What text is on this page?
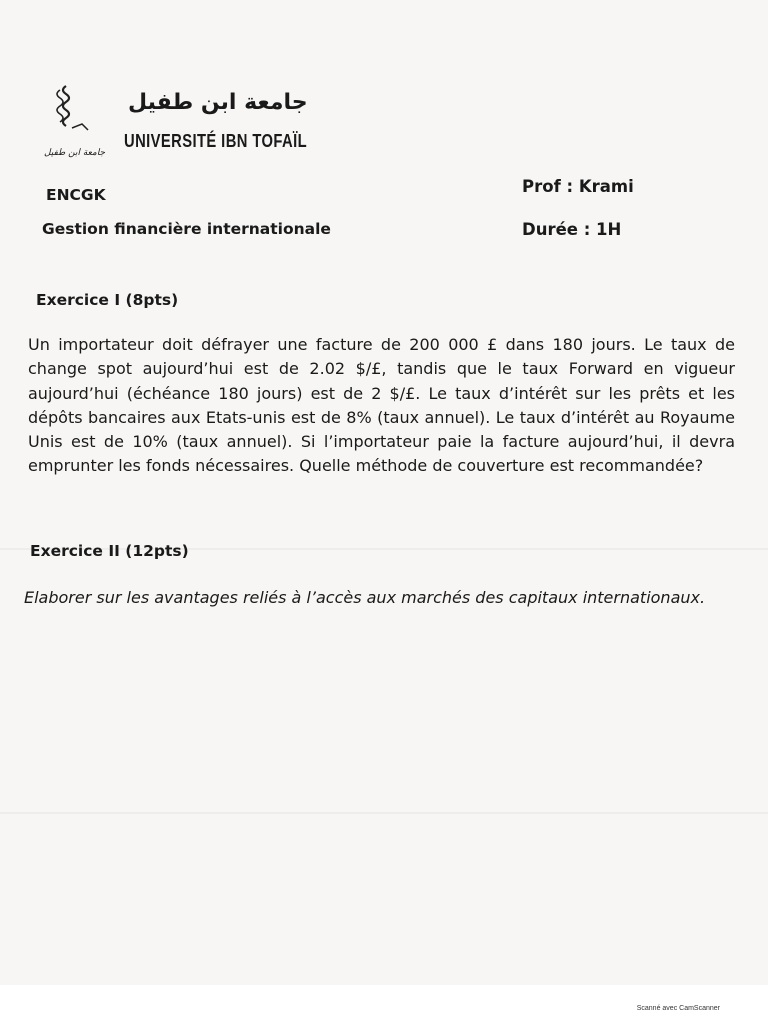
جامعة ابن طفيل
جامعة ابن طفيل
UNIVERSITÉ IBN TOFAÏL
ENCGK
Gestion financière internationale
Prof : Krami
Durée : 1H
Exercice I (8pts)
Un importateur doit défrayer une facture de 200 000 £ dans 180 jours. Le taux de change spot aujourd’hui est de 2.02 $/£, tandis que le taux Forward en vigueur aujourd’hui (échéance 180 jours) est de 2 $/£. Le taux d’intérêt sur les prêts et les dépôts bancaires aux Etats-unis est de 8% (taux annuel). Le taux d’intérêt au Royaume Unis est de 10% (taux annuel). Si l’importateur paie la facture aujourd’hui, il devra emprunter les fonds nécessaires. Quelle méthode de couverture est recommandée?
Exercice II (12pts)
Elaborer sur les avantages reliés à l’accès aux marchés des capitaux internationaux.
Scanné avec CamScanner
